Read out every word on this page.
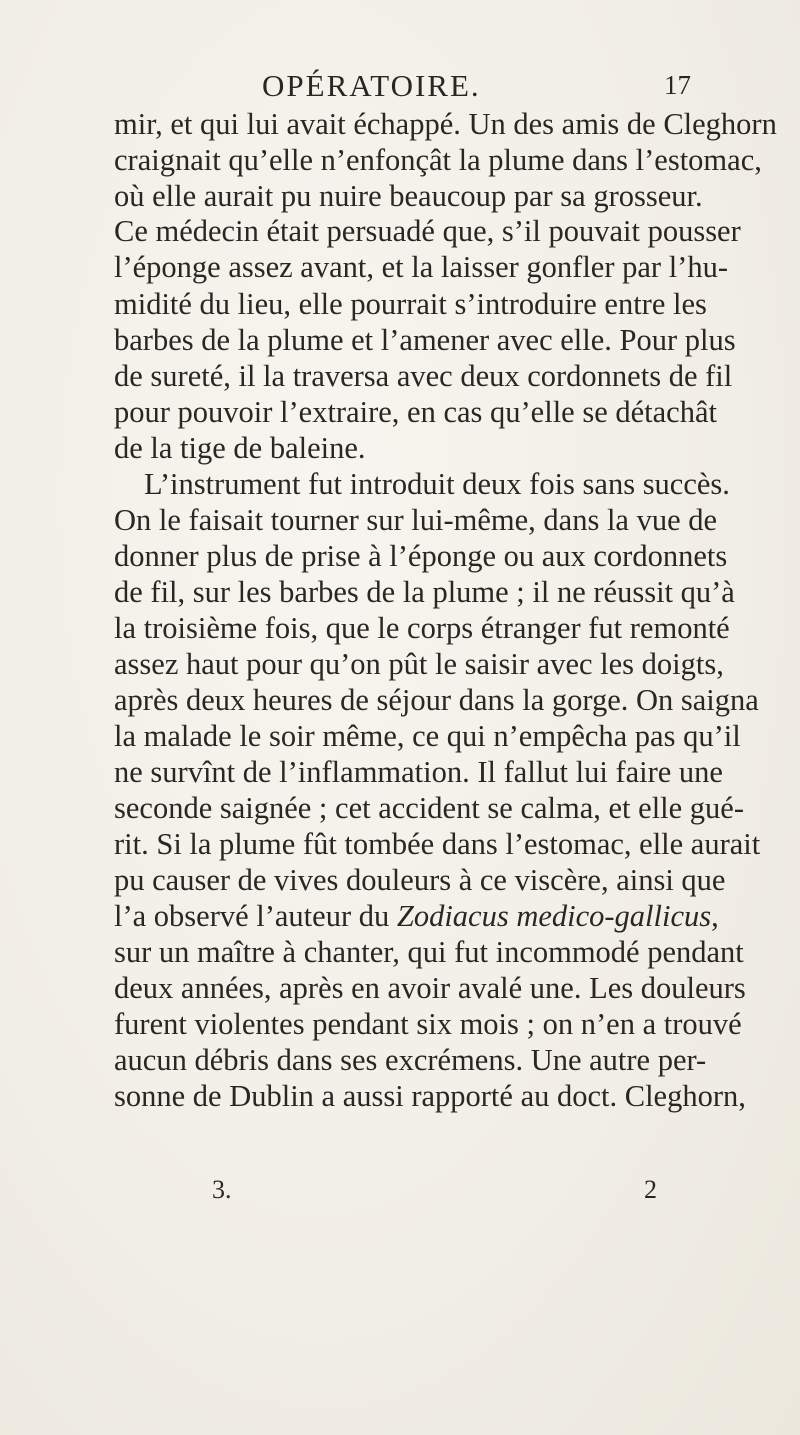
OPÉRATOIRE.	17
mir, et qui lui avait échappé. Un des amis de Cleghorn
craignait qu’elle n’enfonçât la plume dans l’estomac,
où elle aurait pu nuire beaucoup par sa grosseur.
Ce médecin était persuadé que, s’il pouvait pousser
l’éponge assez avant, et la laisser gonfler par l’hu-
midité du lieu, elle pourrait s’introduire entre les
barbes de la plume et l’amener avec elle. Pour plus
de sureté, il la traversa avec deux cordonnets de fil
pour pouvoir l’extraire, en cas qu’elle se détachât
de la tige de baleine.
L’instrument fut introduit deux fois sans succès.
On le faisait tourner sur lui-même, dans la vue de
donner plus de prise à l’éponge ou aux cordonnets
de fil, sur les barbes de la plume ; il ne réussit qu’à
la troisième fois, que le corps étranger fut remonté
assez haut pour qu’on pût le saisir avec les doigts,
après deux heures de séjour dans la gorge. On saigna
la malade le soir même, ce qui n’empêcha pas qu’il
ne survînt de l’inflammation. Il fallut lui faire une
seconde saignée ; cet accident se calma, et elle gué-
rit. Si la plume fût tombée dans l’estomac, elle aurait
pu causer de vives douleurs à ce viscère, ainsi que
l’a observé l’auteur du Zodiacus medico-gallicus,
sur un maître à chanter, qui fut incommodé pendant
deux années, après en avoir avalé une. Les douleurs
furent violentes pendant six mois ; on n’en a trouvé
aucun débris dans ses excrémens. Une autre per-
sonne de Dublin a aussi rapporté au doct. Cleghorn,
3.	2
